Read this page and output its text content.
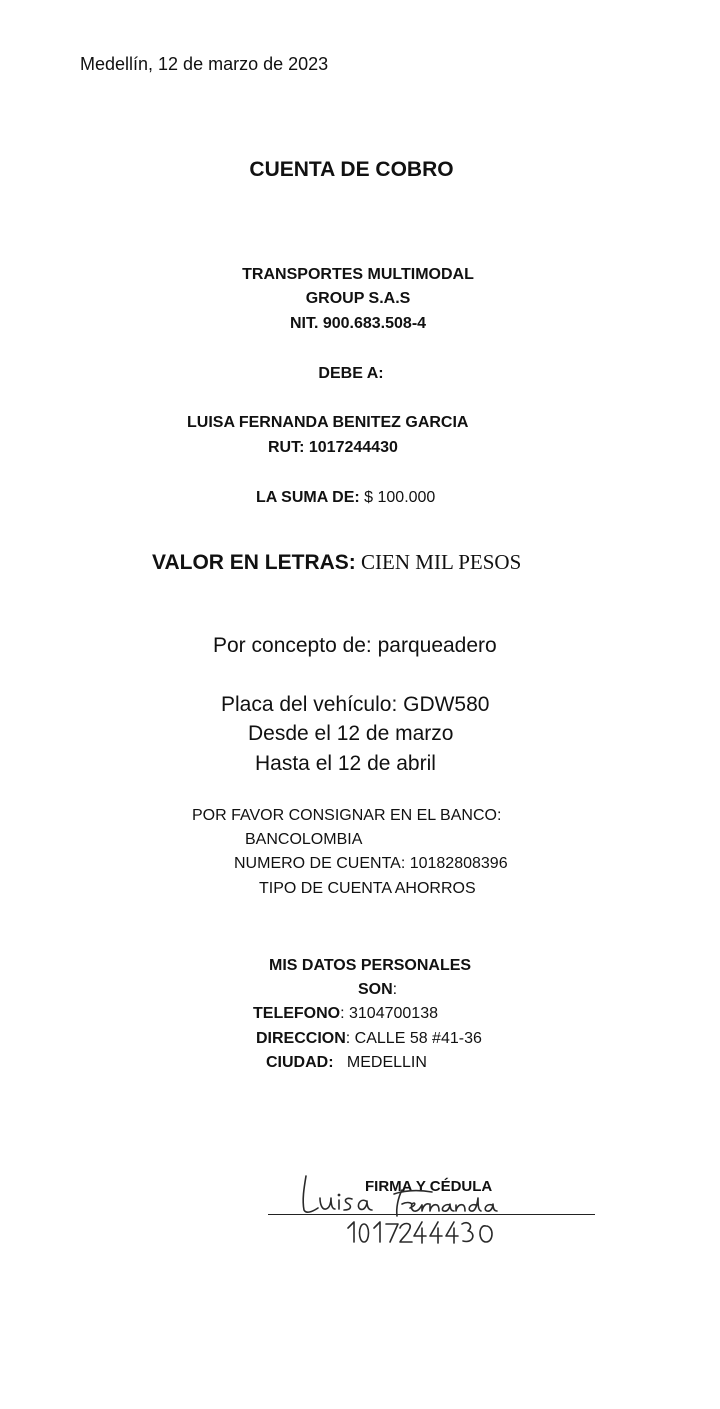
Medellín, 12 de marzo de 2023
CUENTA DE COBRO
TRANSPORTES MULTIMODAL
GROUP S.A.S
NIT. 900.683.508-4
DEBE A:
LUISA FERNANDA BENITEZ GARCIA
RUT: 1017244430
LA SUMA DE: $ 100.000
VALOR EN LETRAS: CIEN MIL PESOS
Por concepto de: parqueadero
Placa del vehículo: GDW580
Desde el 12 de marzo
Hasta el 12 de abril
POR FAVOR CONSIGNAR EN EL BANCO:
BANCOLOMBIA
NUMERO DE CUENTA: 10182808396
TIPO DE CUENTA AHORROS
MIS DATOS PERSONALES
SON:
TELEFONO: 3104700138
DIRECCION: CALLE 58 #41-36
CIUDAD:   MEDELLIN
FIRMA Y CÉDULA
